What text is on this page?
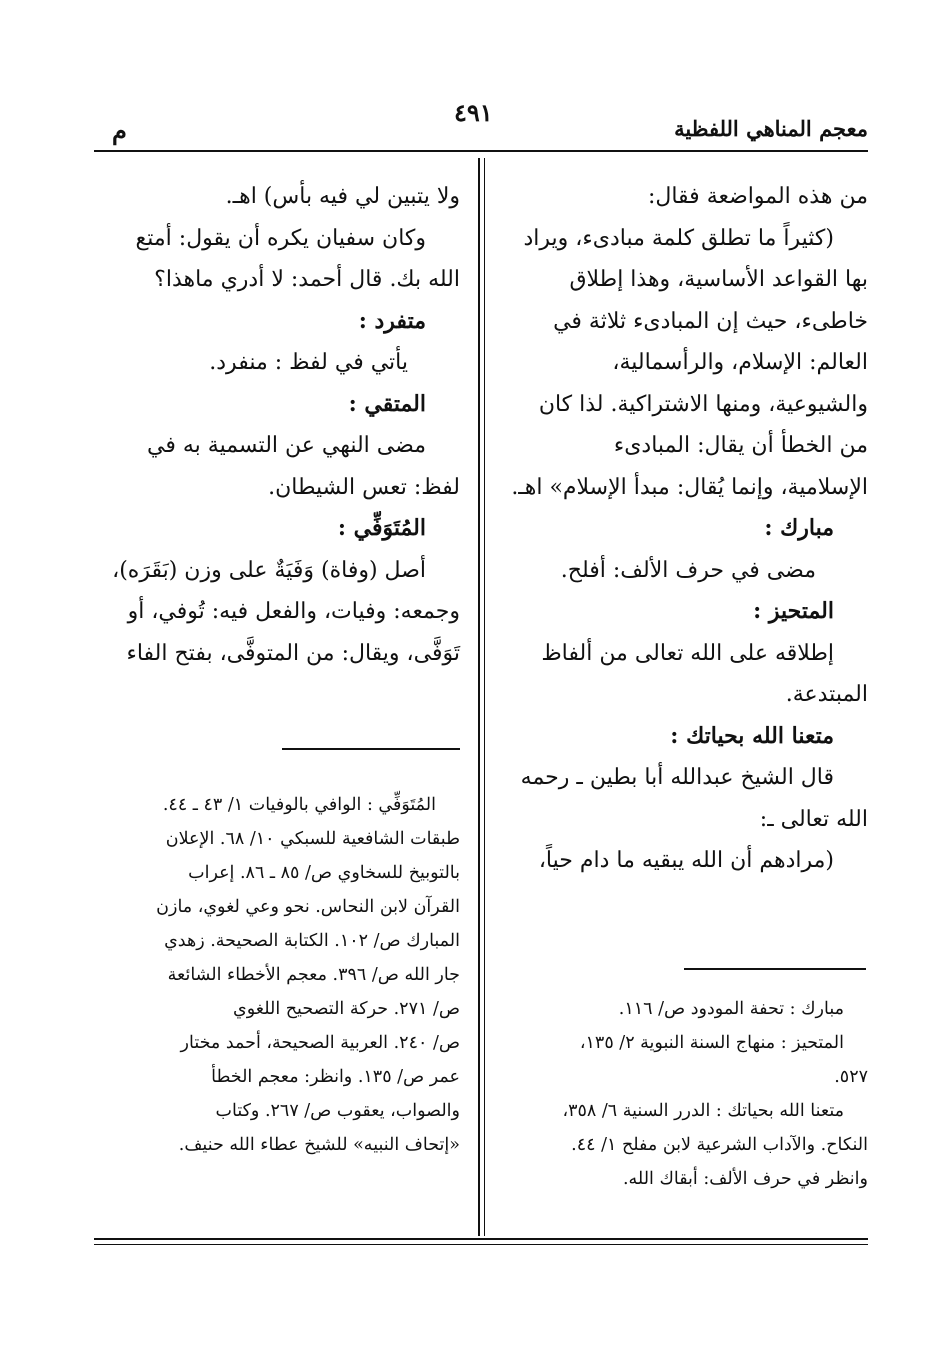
معجم المناهي اللفظية
٤٩١
م

من هذه المواضعة فقال:

(كثيراً ما تطلق كلمة مبادىء، ويراد

بها القواعد الأساسية، وهذا إطلاق

خاطىء، حيث إن المبادىء ثلاثة في

العالم: الإسلام، والرأسمالية،

والشيوعية، ومنها الاشتراكية. لذا كان

من الخطأ أن يقال: المبادىء

الإسلامية، وإنما يُقال: مبدأ الإسلام» اهـ.

مبارك :

مضى في حرف الألف: أفلح.

المتحيز :

إطلاقه على الله تعالى من ألفاظ

المبتدعة.

متعنا الله بحياتك :

قال الشيخ عبدالله أبا بطين ـ رحمه

الله تعالى ـ:

(مرادهم أن الله يبقيه ما دام حياً،

مبارك : تحفة المودود ص/ ١١٦.

المتحيز : منهاج السنة النبوية ٢/ ١٣٥،

٥٢٧.

متعنا الله بحياتك : الدرر السنية ٦/ ٣٥٨،

النكاح. والآداب الشرعية لابن مفلح ١/ ٤٤.

وانظر في حرف الألف: أبقاك الله.

ولا يتبين لي فيه بأس) اهـ.

وكان سفيان يكره أن يقول: أمتع

الله بك. قال أحمد: لا أدري ماهذا؟

متفرد :

يأتي في لفظ : منفرد.

المتقي :

مضى النهي عن التسمية به في

لفظ: تعس الشيطان.

المُتَوَفِّي :

أصل (وفاة) وَفَيَةٌ على وزن (بَقَرَه)،

وجمعه: وفيات، والفعل فيه: تُوفي، أو

تَوَفَّى، ويقال: من المتوفَّى، بفتح الفاء

المُتَوَفِّي : الوافي بالوفيات ١/ ٤٣ ـ ٤٤.

طبقات الشافعية للسبكي ١٠/ ٦٨. الإعلان

بالتوبيخ للسخاوي ص/ ٨٥ ـ ٨٦. إعراب

القرآن لابن النحاس. نحو وعي لغوي، مازن

المبارك ص/ ١٠٢. الكتابة الصحيحة. زهدي

جار الله ص/ ٣٩٦. معجم الأخطاء الشائعة

ص/ ٢٧١. حركة التصحيح اللغوي

ص/ ٢٤٠. العربية الصحيحة، أحمد مختار

عمر ص/ ١٣٥. وانظر: معجم الخطأ

والصواب، يعقوب ص/ ٢٦٧. وكتاب

«إتحاف النبيه» للشيخ عطاء الله حنيف.
